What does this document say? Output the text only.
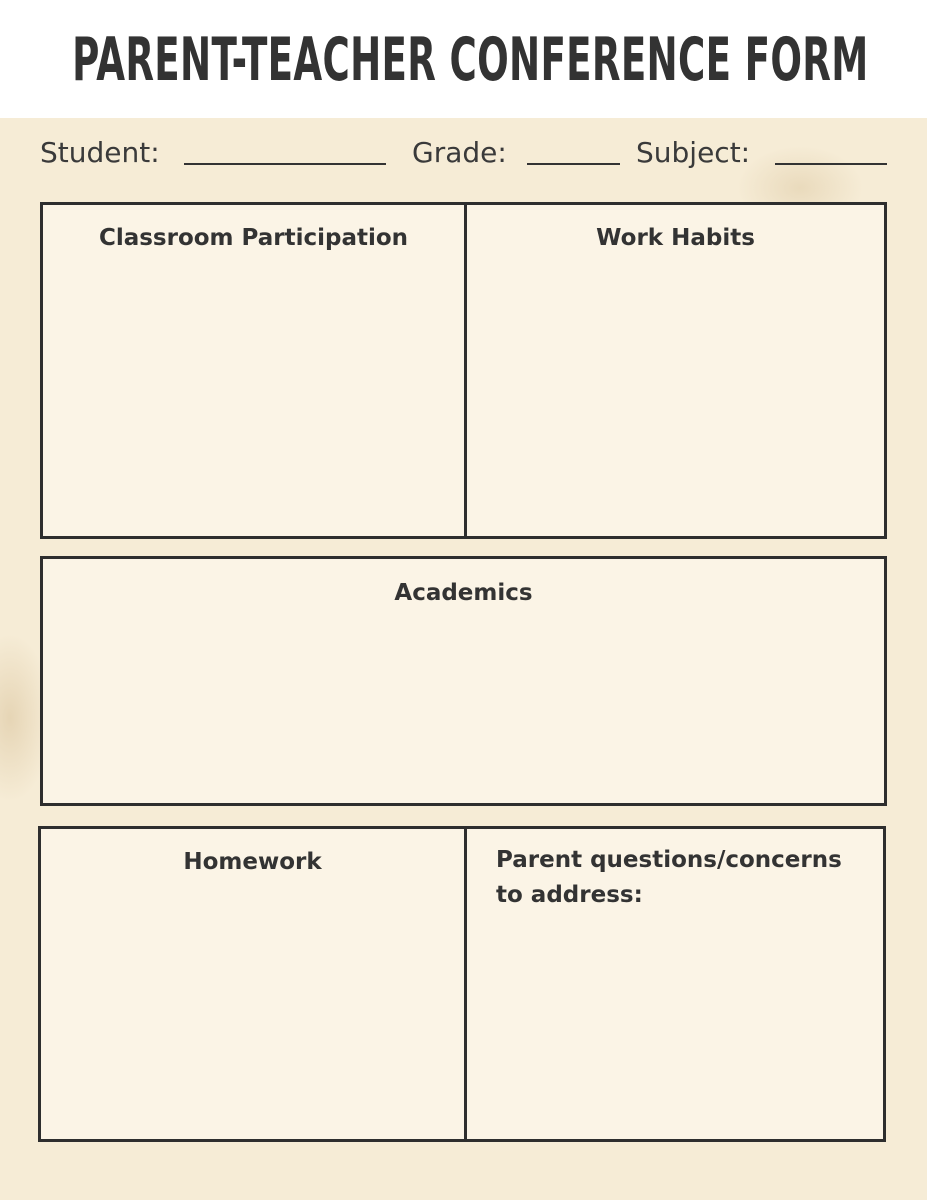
PARENT-TEACHER CONFERENCE FORM
Student:	Grade:	Subject:
Classroom Participation	Work Habits
Academics
Homework	Parent questions/concerns
to address:
